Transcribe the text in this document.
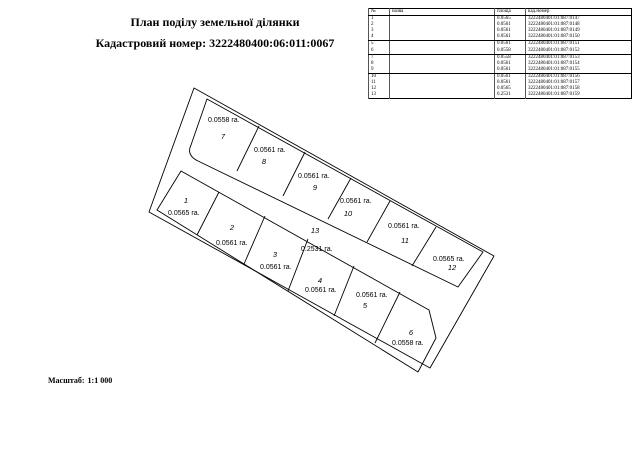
План поділу земельної ділянки
Кадастровий номер: 3222480400:06:011:0067
№	назва	площа	кад.номер
1		0.0565	3222480401:01:087:0147
2		0.0561	3222480401:01:087:0148
3		0.0561	3222480401:01:087:0149
4		0.0561	3222480401:01:087:0150
5		0.0561	3222480401:01:087:0151
6		0.0558	3222480401:01:087:0152
7		0.0558	3222480401:01:087:0153
8		0.0561	3222480401:01:087:0154
9		0.0561	3222480401:01:087:0155
10		0.0561	3222480401:01:087:0156
11		0.0561	3222480401:01:087:0157
12		0.0565	3222480401:01:087:0158
13		0.2531	3222480401:01:087:0159
1
0.0565 га.
2
0.0561 га.
3
0.0561 га.
4
0.0561 га.
5
0.0561 га.
6
0.0558 га.
7
0.0558 га.
8
0.0561 га.
9
0.0561 га.
10
0.0561 га.
11
0.0561 га.
12
0.0565 га.
13
0.2531 га.
Масштаб: 1:1 000
